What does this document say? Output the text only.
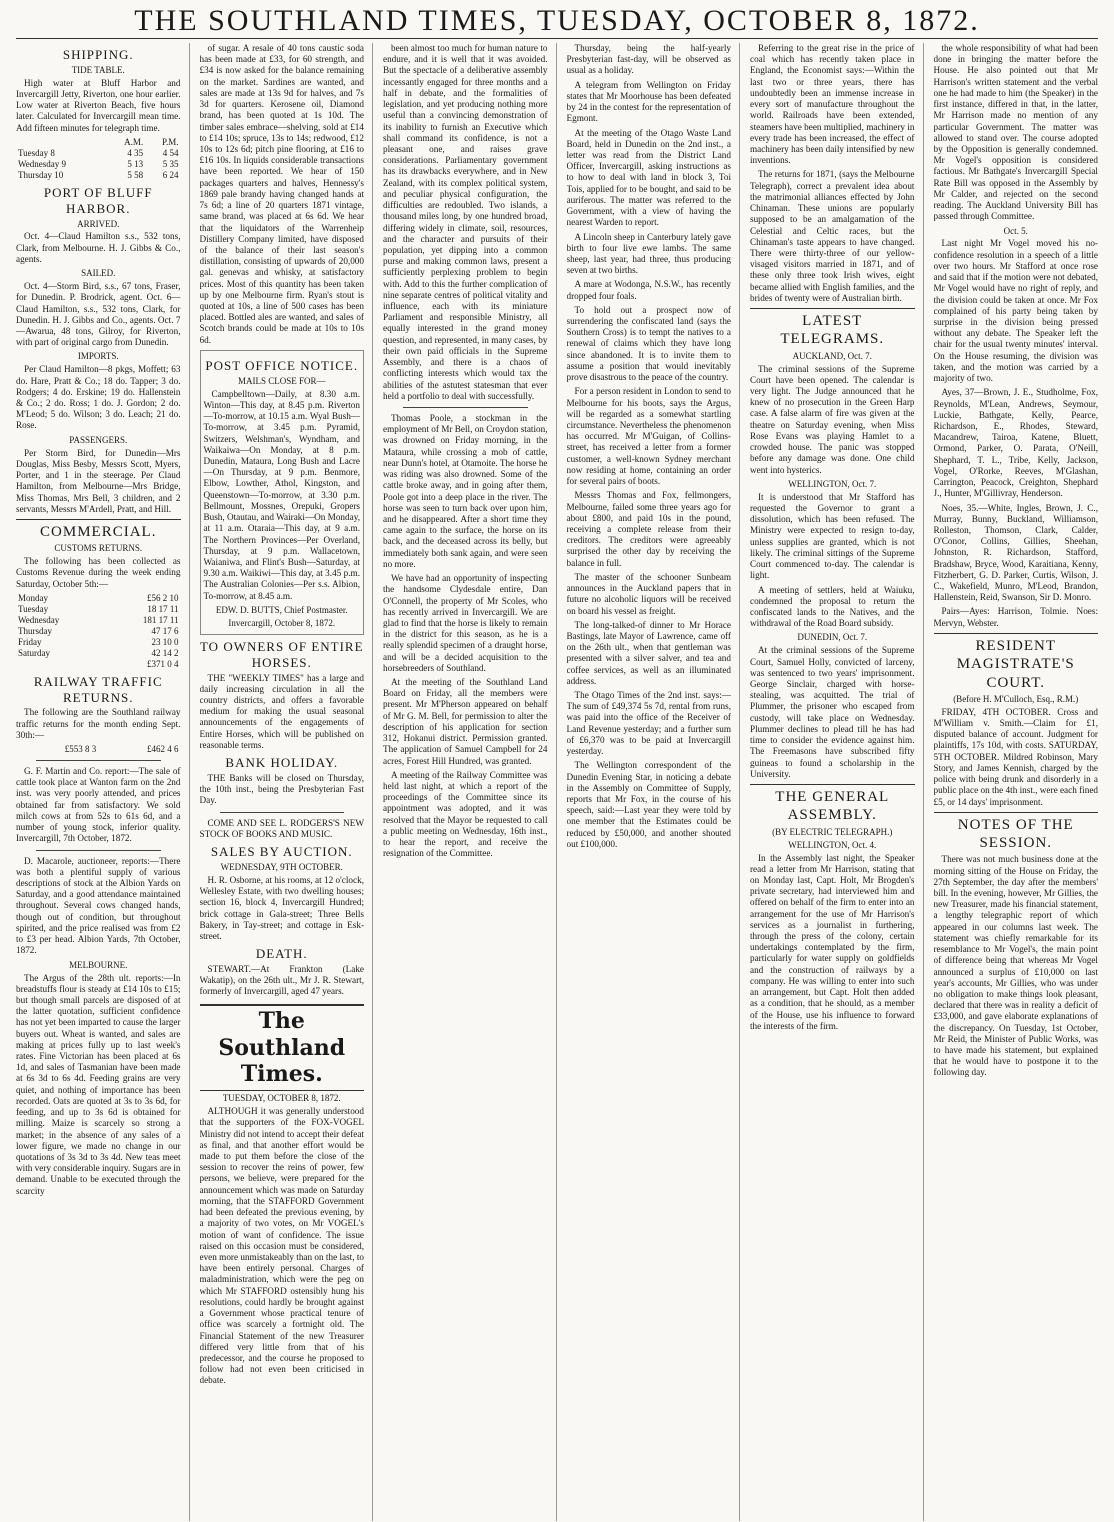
THE SOUTHLAND TIMES, TUESDAY, OCTOBER 8, 1872.
SHIPPING.
TIDE TABLE.

High water at Bluff Harbor and Invercargill Jetty, Riverton, one hour earlier. Low water at Riverton Beach, five hours later. Calculated for Invercargill mean time. Add fifteen minutes for telegraph time.

	A.M.	P.M.
Tuesday 8	4 35	4 54
Wednesday 9	5 13	5 35
Thursday 10	5 58	6 24
PORT OF BLUFF HARBOR.
ARRIVED.

Oct. 4—Claud Hamilton s.s., 532 tons, Clark, from Melbourne. H. J. Gibbs & Co., agents.

SAILED.

Oct. 4—Storm Bird, s.s., 67 tons, Fraser, for Dunedin. P. Brodrick, agent. Oct. 6—Claud Hamilton, s.s., 532 tons, Clark, for Dunedin. H. J. Gibbs and Co., agents. Oct. 7—Awarua, 48 tons, Gilroy, for Riverton, with part of original cargo from Dunedin.

IMPORTS.

Per Claud Hamilton—8 pkgs, Moffett; 63 do. Hare, Pratt & Co.; 18 do. Tapper; 3 do. Rodgers; 4 do. Erskine; 19 do. Hallenstein & Co.; 2 do. Ross; 1 do. J. Gordon; 2 do. M'Leod; 5 do. Wilson; 3 do. Leach; 21 do. Rose.

PASSENGERS.

Per Storm Bird, for Dunedin—Mrs Douglas, Miss Besby, Messrs Scott, Myers, Porter, and 1 in the steerage. Per Claud Hamilton, from Melbourne—Mrs Bridge, Miss Thomas, Mrs Bell, 3 children, and 2 servants, Messrs M'Ardell, Pratt, and Hill.

COMMERCIAL.
CUSTOMS RETURNS.

The following has been collected as Customs Revenue during the week ending Saturday, October 5th:—

Monday	£56 2 10
Tuesday	18 17 11
Wednesday	181 17 11
Thursday	47 17 6
Friday	23 10 0
Saturday	42 14 2
	£371 0 4
RAILWAY TRAFFIC RETURNS.

The following are the Southland railway traffic returns for the month ending Sept. 30th:—

£553 8 3	£462 4 6

G. F. Martin and Co. report:—The sale of cattle took place at Wanton farm on the 2nd inst. was very poorly attended, and prices obtained far from satisfactory. We sold milch cows at from 52s to 61s 6d, and a number of young stock, inferior quality. Invercargill, 7th October, 1872.

D. Macarole, auctioneer, reports:—There was both a plentiful supply of various descriptions of stock at the Albion Yards on Saturday, and a good attendance maintained throughout. Several cows changed hands, though out of condition, but throughout spirited, and the price realised was from £2 to £3 per head. Albion Yards, 7th October, 1872.

MELBOURNE.

The Argus of the 28th ult. reports:—In breadstuffs flour is steady at £14 10s to £15; but though small parcels are disposed of at the latter quotation, sufficient confidence has not yet been imparted to cause the larger buyers out. Wheat is wanted, and sales are making at prices fully up to last week's rates. Fine Victorian has been placed at 6s 1d, and sales of Tasmanian have been made at 6s 3d to 6s 4d. Feeding grains are very quiet, and nothing of importance has been recorded. Oats are quoted at 3s to 3s 6d, for feeding, and up to 3s 6d is obtained for milling. Maize is scarcely so strong a market; in the absence of any sales of a lower figure, we made no change in our quotations of 3s 3d to 3s 4d. New teas meet with very considerable inquiry. Sugars are in demand. Unable to be executed through the scarcity

of sugar. A resale of 40 tons caustic soda has been made at £33, for 60 strength, and £34 is now asked for the balance remaining on the market. Sardines are wanted, and sales are made at 13s 9d for halves, and 7s 3d for quarters. Kerosene oil, Diamond brand, has been quoted at 1s 10d. The timber sales embrace—shelving, sold at £14 to £14 10s; spruce, 13s to 14s; redwood, £12 10s to 12s 6d; pitch pine flooring, at £16 to £16 10s. In liquids considerable transactions have been reported. We hear of 150 packages quarters and halves, Hennessy's 1869 pale brandy having changed hands at 7s 6d; a line of 20 quarters 1871 vintage, same brand, was placed at 6s 6d. We hear that the liquidators of the Warrenheip Distillery Company limited, have disposed of the balance of their last season's distillation, consisting of upwards of 20,000 gal. genevas and whisky, at satisfactory prices. Most of this quantity has been taken up by one Melbourne firm. Ryan's stout is quoted at 10s, a line of 500 cases has been placed. Bottled ales are wanted, and sales of Scotch brands could be made at 10s to 10s 6d.

POST OFFICE NOTICE.
MAILS CLOSE FOR—

Campbelltown—Daily, at 8.30 a.m. Winton—This day, at 8.45 p.m. Riverton—To-morrow, at 10.15 a.m. Wyal Bush—To-morrow, at 3.45 p.m. Pyramid, Switzers, Welshman's, Wyndham, and Waikaiwa—On Monday, at 8 p.m. Dunedin, Mataura, Long Bush and Lacre—On Thursday, at 9 p.m. Benmore, Elbow, Lowther, Athol, Kingston, and Queenstown—To-morrow, at 3.30 p.m. Bellmount, Mossnes, Orepuki, Gropers Bush, Otautau, and Wairaki—On Monday, at 11 a.m. Otaraia—This day, at 9 a.m. The Northern Provinces—Per Overland, Thursday, at 9 p.m. Wallacetown, Waianiwa, and Flint's Bush—Saturday, at 9.30 a.m. Waikiwi—This day, at 3.45 p.m. The Australian Colonies—Per s.s. Albion, To-morrow, at 8.45 a.m.

EDW. D. BUTTS, Chief Postmaster.
Invercargill, October 8, 1872.
TO OWNERS OF ENTIRE HORSES.

THE "WEEKLY TIMES" has a large and daily increasing circulation in all the country districts, and offers a favorable medium for making the usual seasonal announcements of the engagements of Entire Horses, which will be published on reasonable terms.

BANK HOLIDAY.

THE Banks will be closed on Thursday, the 10th inst., being the Presbyterian Fast Day.

COME AND SEE L. RODGERS'S NEW STOCK OF BOOKS AND MUSIC.

SALES BY AUCTION.
WEDNESDAY, 9TH OCTOBER.

H. R. Osborne, at his rooms, at 12 o'clock, Wellesley Estate, with two dwelling houses; section 16, block 4, Invercargill Hundred; brick cottage in Gala-street; Three Bells Bakery, in Tay-street; and cottage in Esk-street.

DEATH.

STEWART.—At Frankton (Lake Wakatip), on the 26th ult., Mr J. R. Stewart, formerly of Invercargill, aged 47 years.

The Southland Times.
TUESDAY, OCTOBER 8, 1872.

ALTHOUGH it was generally understood that the supporters of the FOX-VOGEL Ministry did not intend to accept their defeat as final, and that another effort would be made to put them before the close of the session to recover the reins of power, few persons, we believe, were prepared for the announcement which was made on Saturday morning, that the STAFFORD Government had been defeated the previous evening, by a majority of two votes, on Mr VOGEL's motion of want of confidence. The issue raised on this occasion must be considered, even more unmistakeably than on the last, to have been entirely personal. Charges of maladministration, which were the peg on which Mr STAFFORD ostensibly hung his resolutions, could hardly be brought against a Government whose practical tenure of office was scarcely a fortnight old. The Financial Statement of the new Treasurer differed very little from that of his predecessor, and the course he proposed to follow had not even been criticised in debate.

been almost too much for human nature to endure, and it is well that it was avoided. But the spectacle of a deliberative assembly incessantly engaged for three months and a half in debate, and the formalities of legislation, and yet producing nothing more useful than a convincing demonstration of its inability to furnish an Executive which shall command its confidence, is not a pleasant one, and raises grave considerations. Parliamentary government has its drawbacks everywhere, and in New Zealand, with its complex political system, and peculiar physical configuration, the difficulties are redoubled. Two islands, a thousand miles long, by one hundred broad, differing widely in climate, soil, resources, and the character and pursuits of their population, yet dipping into a common purse and making common laws, present a sufficiently perplexing problem to begin with. Add to this the further complication of nine separate centres of political vitality and influence, each with its miniature Parliament and responsible Ministry, all equally interested in the grand money question, and represented, in many cases, by their own paid officials in the Supreme Assembly, and there is a chaos of conflicting interests which would tax the abilities of the astutest statesman that ever held a portfolio to deal with successfully.

Thomas Poole, a stockman in the employment of Mr Bell, on Croydon station, was drowned on Friday morning, in the Mataura, while crossing a mob of cattle, near Dunn's hotel, at Otamoite. The horse he was riding was also drowned. Some of the cattle broke away, and in going after them, Poole got into a deep place in the river. The horse was seen to turn back over upon him, and he disappeared. After a short time they came again to the surface, the horse on its back, and the deceased across its belly, but immediately both sank again, and were seen no more.

We have had an opportunity of inspecting the handsome Clydesdale entire, Dan O'Connell, the property of Mr Scoles, who has recently arrived in Invercargill. We are glad to find that the horse is likely to remain in the district for this season, as he is a really splendid specimen of a draught horse, and will be a decided acquisition to the horsebreeders of Southland.

At the meeting of the Southland Land Board on Friday, all the members were present. Mr M'Pherson appeared on behalf of Mr G. M. Bell, for permission to alter the description of his application for section 312, Hokanui district. Permission granted. The application of Samuel Campbell for 24 acres, Forest Hill Hundred, was granted.

A meeting of the Railway Committee was held last night, at which a report of the proceedings of the Committee since its appointment was adopted, and it was resolved that the Mayor be requested to call a public meeting on Wednesday, 16th inst., to hear the report, and receive the resignation of the Committee.

Thursday, being the half-yearly Presbyterian fast-day, will be observed as usual as a holiday.

A telegram from Wellington on Friday states that Mr Moorhouse has been defeated by 24 in the contest for the representation of Egmont.

At the meeting of the Otago Waste Land Board, held in Dunedin on the 2nd inst., a letter was read from the District Land Officer, Invercargill, asking instructions as to how to deal with land in block 3, Toi Tois, applied for to be bought, and said to be auriferous. The matter was referred to the Government, with a view of having the nearest Warden to report.

A Lincoln sheep in Canterbury lately gave birth to four live ewe lambs. The same sheep, last year, had three, thus producing seven at two births.

A mare at Wodonga, N.S.W., has recently dropped four foals.

To hold out a prospect now of surrendering the confiscated land (says the Southern Cross) is to tempt the natives to a renewal of claims which they have long since abandoned. It is to invite them to assume a position that would inevitably prove disastrous to the peace of the country.

For a person resident in London to send to Melbourne for his boots, says the Argus, will be regarded as a somewhat startling circumstance. Nevertheless the phenomenon has occurred. Mr M'Guigan, of Collins-street, has received a letter from a former customer, a well-known Sydney merchant now residing at home, containing an order for several pairs of boots.

Messrs Thomas and Fox, fellmongers, Melbourne, failed some three years ago for about £800, and paid 10s in the pound, receiving a complete release from their creditors. The creditors were agreeably surprised the other day by receiving the balance in full.

The master of the schooner Sunbeam announces in the Auckland papers that in future no alcoholic liquors will be received on board his vessel as freight.

The long-talked-of dinner to Mr Horace Bastings, late Mayor of Lawrence, came off on the 26th ult., when that gentleman was presented with a silver salver, and tea and coffee services, as well as an illuminated address.

The Otago Times of the 2nd inst. says:—The sum of £49,374 5s 7d, rental from runs, was paid into the office of the Receiver of Land Revenue yesterday; and a further sum of £6,370 was to be paid at Invercargill yesterday.

The Wellington correspondent of the Dunedin Evening Star, in noticing a debate in the Assembly on Committee of Supply, reports that Mr Fox, in the course of his speech, said:—Last year they were told by one member that the Estimates could be reduced by £50,000, and another shouted out £100,000.

Referring to the great rise in the price of coal which has recently taken place in England, the Economist says:—Within the last two or three years, there has undoubtedly been an immense increase in every sort of manufacture throughout the world. Railroads have been extended, steamers have been multiplied, machinery in every trade has been increased, the effect of machinery has been daily intensified by new inventions.

The returns for 1871, (says the Melbourne Telegraph), correct a prevalent idea about the matrimonial alliances effected by John Chinaman. These unions are popularly supposed to be an amalgamation of the Celestial and Celtic races, but the Chinaman's taste appears to have changed. There were thirty-three of our yellow-visaged visitors married in 1871, and of these only three took Irish wives, eight became allied with English families, and the brides of twenty were of Australian birth.

LATEST TELEGRAMS.
AUCKLAND, Oct. 7.

The criminal sessions of the Supreme Court have been opened. The calendar is very light. The Judge announced that he knew of no prosecution in the Green Harp case. A false alarm of fire was given at the theatre on Saturday evening, when Miss Rose Evans was playing Hamlet to a crowded house. The panic was stopped before any damage was done. One child went into hysterics.

WELLINGTON, Oct. 7.

It is understood that Mr Stafford has requested the Governor to grant a dissolution, which has been refused. The Ministry were expected to resign to-day, unless supplies are granted, which is not likely. The criminal sittings of the Supreme Court commenced to-day. The calendar is light.

A meeting of settlers, held at Waiuku, condemned the proposal to return the confiscated lands to the Natives, and the withdrawal of the Road Board subsidy.

DUNEDIN, Oct. 7.

At the criminal sessions of the Supreme Court, Samuel Holly, convicted of larceny, was sentenced to two years' imprisonment. George Sinclair, charged with horse-stealing, was acquitted. The trial of Plummer, the prisoner who escaped from custody, will take place on Wednesday. Plummer declines to plead till he has had time to consider the evidence against him. The Freemasons have subscribed fifty guineas to found a scholarship in the University.

THE GENERAL ASSEMBLY.
(BY ELECTRIC TELEGRAPH.)
WELLINGTON, Oct. 4.

In the Assembly last night, the Speaker read a letter from Mr Harrison, stating that on Monday last, Capt. Holt, Mr Brogden's private secretary, had interviewed him and offered on behalf of the firm to enter into an arrangement for the use of Mr Harrison's services as a journalist in furthering, through the press of the colony, certain undertakings contemplated by the firm, particularly for water supply on goldfields and the construction of railways by a company. He was willing to enter into such an arrangement, but Capt. Holt then added as a condition, that he should, as a member of the House, use his influence to forward the interests of the firm.

the whole responsibility of what had been done in bringing the matter before the House. He also pointed out that Mr Harrison's written statement and the verbal one he had made to him (the Speaker) in the first instance, differed in that, in the latter, Mr Harrison made no mention of any particular Government. The matter was allowed to stand over. The course adopted by the Opposition is generally condemned. Mr Vogel's opposition is considered factious. Mr Bathgate's Invercargill Special Rate Bill was opposed in the Assembly by Mr Calder, and rejected on the second reading. The Auckland University Bill has passed through Committee.

Oct. 5.

Last night Mr Vogel moved his no-confidence resolution in a speech of a little over two hours. Mr Stafford at once rose and said that if the motion were not debated, Mr Vogel would have no right of reply, and the division could be taken at once. Mr Fox complained of his party being taken by surprise in the division being pressed without any debate. The Speaker left the chair for the usual twenty minutes' interval. On the House resuming, the division was taken, and the motion was carried by a majority of two.

Ayes, 37—Brown, J. E., Studholme, Fox, Reynolds, M'Lean, Andrews, Seymour, Luckie, Bathgate, Kelly, Pearce, Richardson, E., Rhodes, Steward, Macandrew, Tairoa, Katene, Bluett, Ormond, Parker, O. Parata, O'Neill, Shephard, T. L., Tribe, Kelly, Jackson, Vogel, O'Rorke, Reeves, M'Glashan, Carrington, Peacock, Creighton, Shephard J., Hunter, M'Gillivray, Henderson.

Noes, 35.—White, Ingles, Brown, J. C., Murray, Bunny, Buckland, Williamson, Rolleston, Thomson, Clark, Calder, O'Conor, Collins, Gillies, Sheehan, Johnston, R. Richardson, Stafford, Bradshaw, Bryce, Wood, Karaitiana, Kenny, Fitzherbert, G. D. Parker, Curtis, Wilson, J. C., Wakefield, Munro, M'Leod, Brandon, Hallenstein, Reid, Swanson, Sir D. Monro.

Pairs—Ayes: Harrison, Tolmie. Noes: Mervyn, Webster.

RESIDENT MAGISTRATE'S COURT.
(Before H. M'Culloch, Esq., R.M.)

FRIDAY, 4TH OCTOBER. Cross and M'William v. Smith.—Claim for £1, disputed balance of account. Judgment for plaintiffs, 17s 10d, with costs. SATURDAY, 5TH OCTOBER. Mildred Robinson, Mary Story, and James Kennish, charged by the police with being drunk and disorderly in a public place on the 4th inst., were each fined £5, or 14 days' imprisonment.

NOTES OF THE SESSION.

There was not much business done at the morning sitting of the House on Friday, the 27th September, the day after the members' bill. In the evening, however, Mr Gillies, the new Treasurer, made his financial statement, a lengthy telegraphic report of which appeared in our columns last week. The statement was chiefly remarkable for its resemblance to Mr Vogel's, the main point of difference being that whereas Mr Vogel announced a surplus of £10,000 on last year's accounts, Mr Gillies, who was under no obligation to make things look pleasant, declared that there was in reality a deficit of £33,000, and gave elaborate explanations of the discrepancy. On Tuesday, 1st October, Mr Reid, the Minister of Public Works, was to have made his statement, but explained that he would have to postpone it to the following day.
